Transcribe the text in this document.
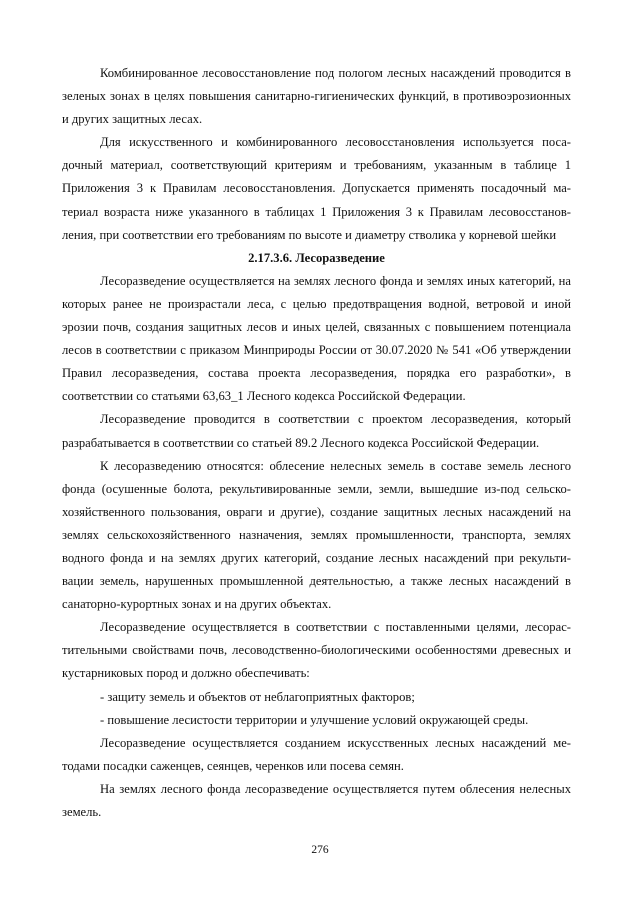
Комбинированное лесовосстановление под пологом лесных насаждений проводится в зеленых зонах в целях повышения санитарно-гигиенических функций, в противоэрозионных и других защитных лесах.

Для искусственного и комбинированного лесовосстановления используется посадочный материал, соответствующий критериям и требованиям, указанным в таблице 1 Приложения 3 к Правилам лесовосстановления. Допускается применять посадочный материал возраста ниже указанного в таблицах 1 Приложения 3 к Правилам лесовосстановления, при соответствии его требованиям по высоте и диаметру стволика у корневой шейки

2.17.3.6. Лесоразведение

Лесоразведение осуществляется на землях лесного фонда и землях иных категорий, на которых ранее не произрастали леса, с целью предотвращения водной, ветровой и иной эрозии почв, создания защитных лесов и иных целей, связанных с повышением потенциала лесов в соответствии с приказом Минприроды России от 30.07.2020 № 541 «Об утверждении Правил лесоразведения, состава проекта лесоразведения, порядка его разработки», в соответствии со статьями 63,63_1 Лесного кодекса Российской Федерации.

Лесоразведение проводится в соответствии с проектом лесоразведения, который разрабатывается в соответствии со статьей 89.2 Лесного кодекса Российской Федерации.

К лесоразведению относятся: облесение нелесных земель в составе земель лесного фонда (осушенные болота, рекультивированные земли, земли, вышедшие из-под сельскохозяйственного пользования, овраги и другие), создание защитных лесных насаждений на землях сельскохозяйственного назначения, землях промышленности, транспорта, землях водного фонда и на землях других категорий, создание лесных насаждений при рекультивации земель, нарушенных промышленной деятельностью, а также лесных насаждений в санаторно-курортных зонах и на других объектах.

Лесоразведение осуществляется в соответствии с поставленными целями, лесорастительными свойствами почв, лесоводственно-биологическими особенностями древесных и кустарниковых пород и должно обеспечивать:

- защиту земель и объектов от неблагоприятных факторов;

- повышение лесистости территории и улучшение условий окружающей среды.

Лесоразведение осуществляется созданием искусственных лесных насаждений методами посадки саженцев, сеянцев, черенков или посева семян.

На землях лесного фонда лесоразведение осуществляется путем облесения нелесных земель.

276
